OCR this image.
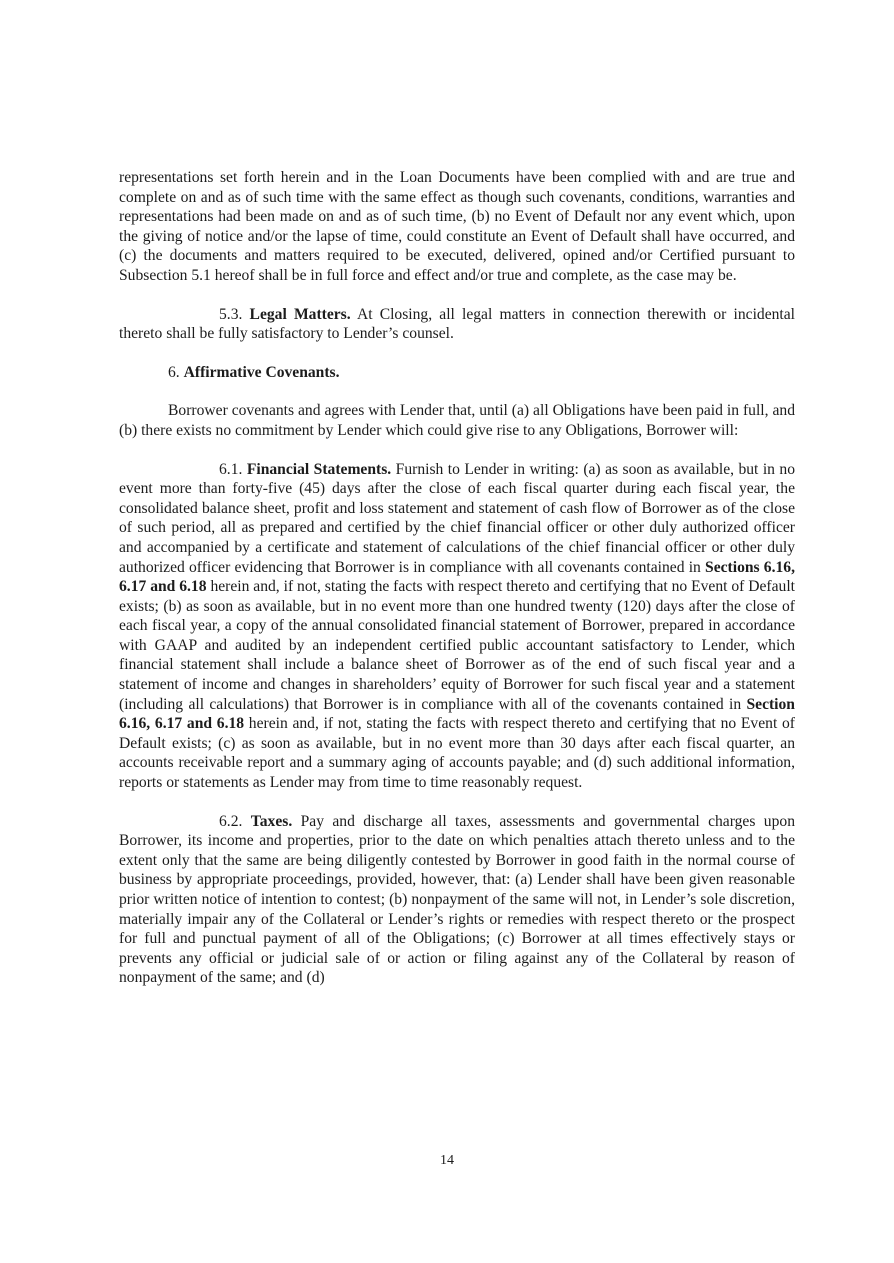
representations set forth herein and in the Loan Documents have been complied with and are true and complete on and as of such time with the same effect as though such covenants, conditions, warranties and representations had been made on and as of such time, (b) no Event of Default nor any event which, upon the giving of notice and/or the lapse of time, could constitute an Event of Default shall have occurred, and (c) the documents and matters required to be executed, delivered, opined and/or Certified pursuant to Subsection 5.1 hereof shall be in full force and effect and/or true and complete, as the case may be.

5.3. Legal Matters. At Closing, all legal matters in connection therewith or incidental thereto shall be fully satisfactory to Lender’s counsel.

6. Affirmative Covenants.

Borrower covenants and agrees with Lender that, until (a) all Obligations have been paid in full, and (b) there exists no commitment by Lender which could give rise to any Obligations, Borrower will:

6.1. Financial Statements. Furnish to Lender in writing: (a) as soon as available, but in no event more than forty-five (45) days after the close of each fiscal quarter during each fiscal year, the consolidated balance sheet, profit and loss statement and statement of cash flow of Borrower as of the close of such period, all as prepared and certified by the chief financial officer or other duly authorized officer and accompanied by a certificate and statement of calculations of the chief financial officer or other duly authorized officer evidencing that Borrower is in compliance with all covenants contained in Sections 6.16, 6.17 and 6.18 herein and, if not, stating the facts with respect thereto and certifying that no Event of Default exists; (b) as soon as available, but in no event more than one hundred twenty (120) days after the close of each fiscal year, a copy of the annual consolidated financial statement of Borrower, prepared in accordance with GAAP and audited by an independent certified public accountant satisfactory to Lender, which financial statement shall include a balance sheet of Borrower as of the end of such fiscal year and a statement of income and changes in shareholders’ equity of Borrower for such fiscal year and a statement (including all calculations) that Borrower is in compliance with all of the covenants contained in Section 6.16, 6.17 and 6.18 herein and, if not, stating the facts with respect thereto and certifying that no Event of Default exists; (c) as soon as available, but in no event more than 30 days after each fiscal quarter, an accounts receivable report and a summary aging of accounts payable; and (d) such additional information, reports or statements as Lender may from time to time reasonably request.

6.2. Taxes. Pay and discharge all taxes, assessments and governmental charges upon Borrower, its income and properties, prior to the date on which penalties attach thereto unless and to the extent only that the same are being diligently contested by Borrower in good faith in the normal course of business by appropriate proceedings, provided, however, that: (a) Lender shall have been given reasonable prior written notice of intention to contest; (b) nonpayment of the same will not, in Lender’s sole discretion, materially impair any of the Collateral or Lender’s rights or remedies with respect thereto or the prospect for full and punctual payment of all of the Obligations; (c) Borrower at all times effectively stays or prevents any official or judicial sale of or action or filing against any of the Collateral by reason of nonpayment of the same; and (d)

14
